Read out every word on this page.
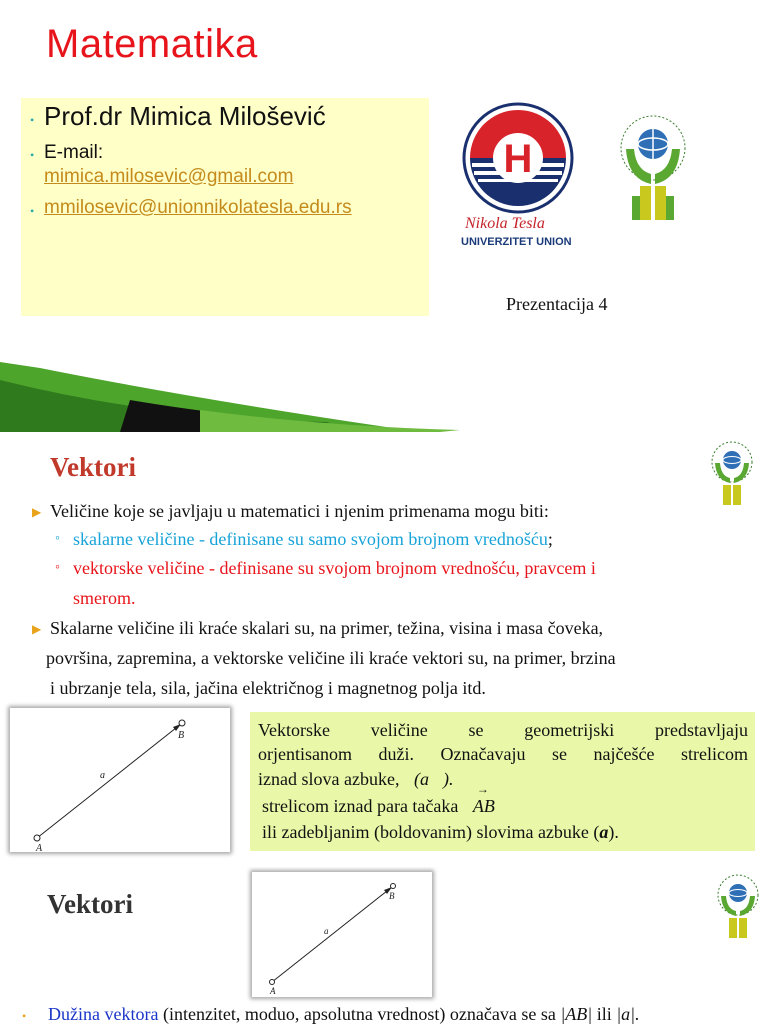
Matematika
• Prof.dr Mimica Milošević
• E-mail:
mimica.milosevic@gmail.com
• mmilosevic@unionnikolatesla.edu.rs
H
Nikola Tesla
UNIVERZITET UNION
Prezentacija 4
Vektori
▶ Veličine koje se javljaju u matematici i njenim primenama mogu biti:
◦ skalarne veličine - definisane su samo svojom brojnom vrednošću;
◦ vektorske veličine - definisane su svojom brojnom vrednošću, pravcem i
smerom.
▶ Skalarne veličine ili kraće skalari su, na primer, težina, visina i masa čoveka,
površina, zapremina, a vektorske veličine ili kraće vektori su, na primer, brzina
i ubrzanje tela, sila, jačina električnog i magnetnog polja itd.
A
B
a⃗
Vektorske veličine se geometrijski predstavljaju
orjentisanom duži. Označavaju se najčešće strelicom
iznad slova azbuke, (a⃗).
strelicom iznad para tačaka
→
AB
ili zadebljanim (boldovanim) slovima azbuke (a).
Vektori
A
B
a⃗
•	Dužina vektora (intenzitet, moduo, apsolutna vrednost) označava se sa |AB| ili |a|.
